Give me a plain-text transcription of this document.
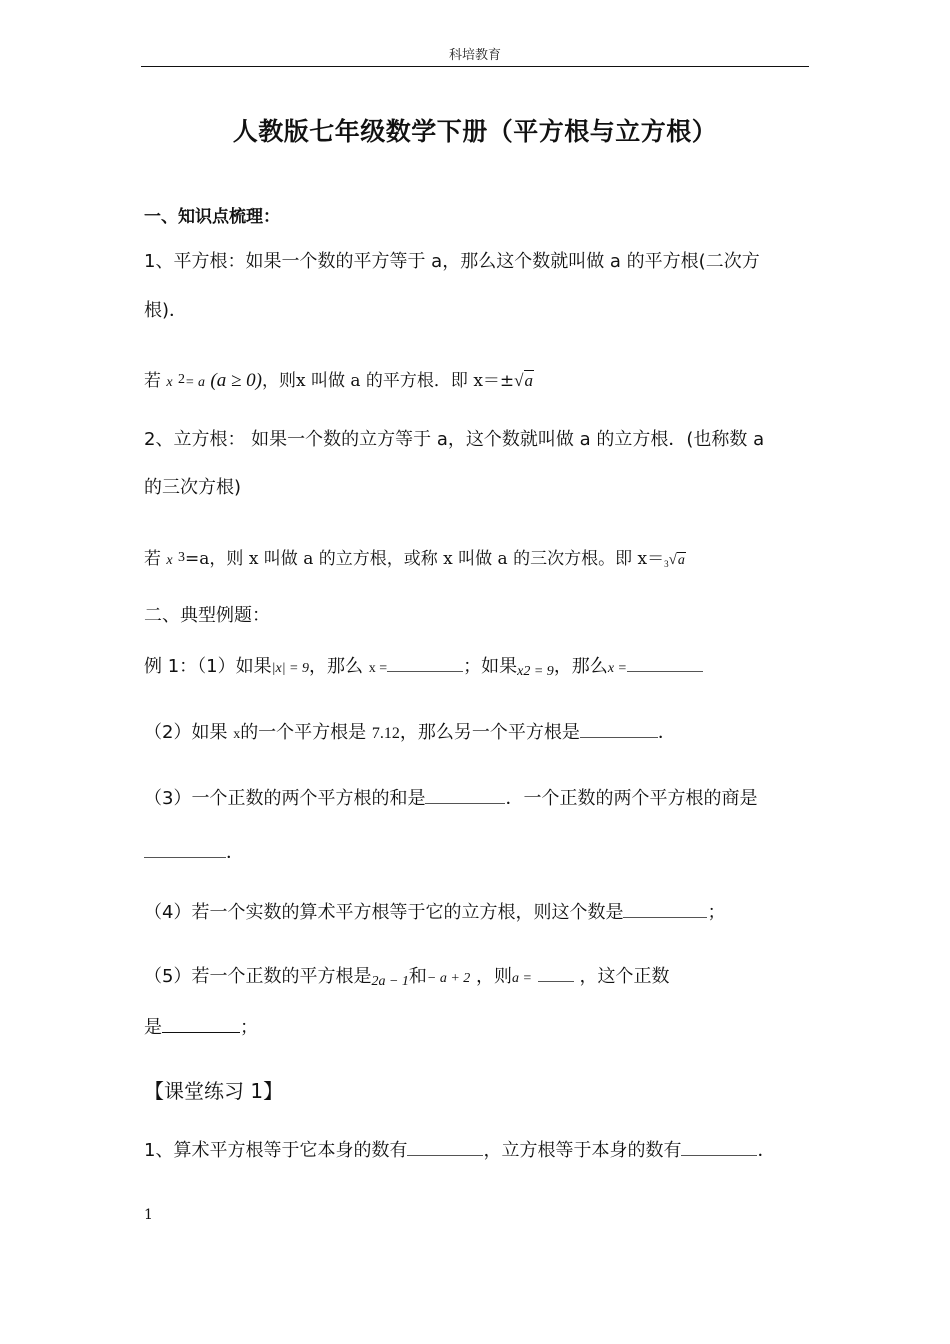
科培教育
人教版七年级数学下册（平方根与立方根）
一、知识点梳理：
1、平方根：如果一个数的平方等于 a，那么这个数就叫做 a 的平方根(二次方
根)．
若 x 2= a (a ≥ 0)，则x 叫做 a 的平方根．即 x＝±√a
2、立方根： 如果一个数的立方等于 a，这个数就叫做 a 的立方根．(也称数 a
的三次方根)
若 x 3=a，则 x 叫做 a 的立方根，或称 x 叫做 a 的三次方根。即 x＝3√a
二、典型例题：
例 1：（1）如果|x| = 9，那么 x =	；如果x2 = 9，那么x =
（2）如果 x的一个平方根是 7.12，那么另一个平方根是	．
（3）一个正数的两个平方根的和是	．一个正数的两个平方根的商是
．
（4）若一个实数的算术平方根等于它的立方根，则这个数是	；
（5）若一个正数的平方根是2a − 1和− a + 2 ，则a =	，这个正数
是	；
【课堂练习 1】
1、算术平方根等于它本身的数有	，立方根等于本身的数有	．
1
